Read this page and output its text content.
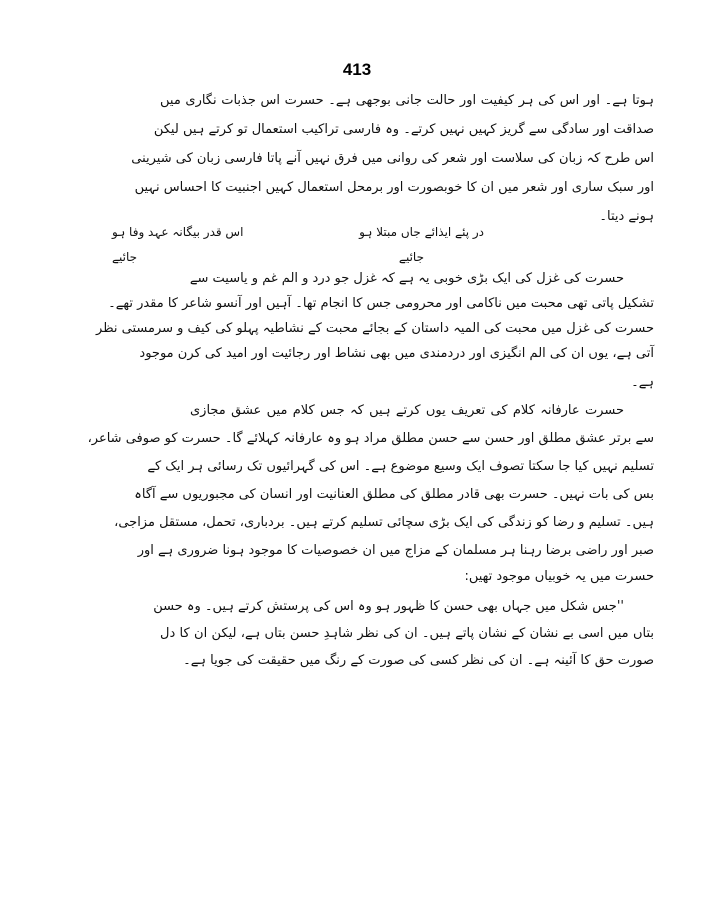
413
ہوتا ہے۔ اور اس کی ہر کیفیت اور حالت جانی بوجھی ہے۔ حسرت اس جذبات نگاری میں
صداقت اور سادگی سے گریز کہیں نہیں کرتے۔ وہ فارسی تراکیب استعمال تو کرتے ہیں لیکن
اس طرح کہ زبان کی سلاست اور شعر کی روانی میں فرق نہیں آنے پاتا فارسی زبان کی شیرینی
اور سبک ساری اور شعر میں ان کا خوبصورت اور برمحل استعمال کہیں اجنبیت کا احساس نہیں
ہونے دیتا۔
در پئے ایذائے جاں مبتلا ہو
اس قدر بیگانہ عہد وفا ہو
جائیے
جائیے
حسرت کی غزل کی ایک بڑی خوبی یہ ہے کہ غزل جو درد و الم غم و یاسیت سے
تشکیل پاتی تھی محبت میں ناکامی اور محرومی جس کا انجام تھا۔ آہیں اور آنسو شاعر کا مقدر تھے۔
حسرت کی غزل میں محبت کی المیہ داستان کے بجائے محبت کے نشاطیہ پہلو کی کیف و سرمستی نظر
آتی ہے، یوں ان کی الم انگیزی اور دردمندی میں بھی نشاط اور رجائیت اور امید کی کرن موجود
ہے۔
حسرت عارفانہ کلام کی تعریف یوں کرتے ہیں کہ جس کلام میں عشق مجازی
سے برتر عشق مطلق اور حسن سے حسن مطلق مراد ہو وہ عارفانہ کہلائے گا۔ حسرت کو صوفی شاعر،
تسلیم نہیں کیا جا سکتا تصوف ایک وسیع موضوع ہے۔ اس کی گہرائیوں تک رسائی ہر ایک کے
بس کی بات نہیں۔ حسرت بھی قادر مطلق کی مطلق العنانیت اور انسان کی مجبوریوں سے آگاہ
ہیں۔ تسلیم و رضا کو زندگی کی ایک بڑی سچائی تسلیم کرتے ہیں۔ بردباری، تحمل، مستقل مزاجی،
صبر اور راضی برضا رہنا ہر مسلمان کے مزاج میں ان خصوصیات کا موجود ہونا ضروری ہے اور
حسرت میں یہ خوبیاں موجود تھیں:
''جس شکل میں جہاں بھی حسن کا ظہور ہو وہ اس کی پرستش کرتے ہیں۔ وہ حسن
بتاں میں اسی بے نشان کے نشان پاتے ہیں۔ ان کی نظر شاہدِ حسن بتاں ہے، لیکن ان کا دل
صورت حق کا آئینہ ہے۔ ان کی نظر کسی کی صورت کے رنگ میں حقیقت کی جویا ہے۔
